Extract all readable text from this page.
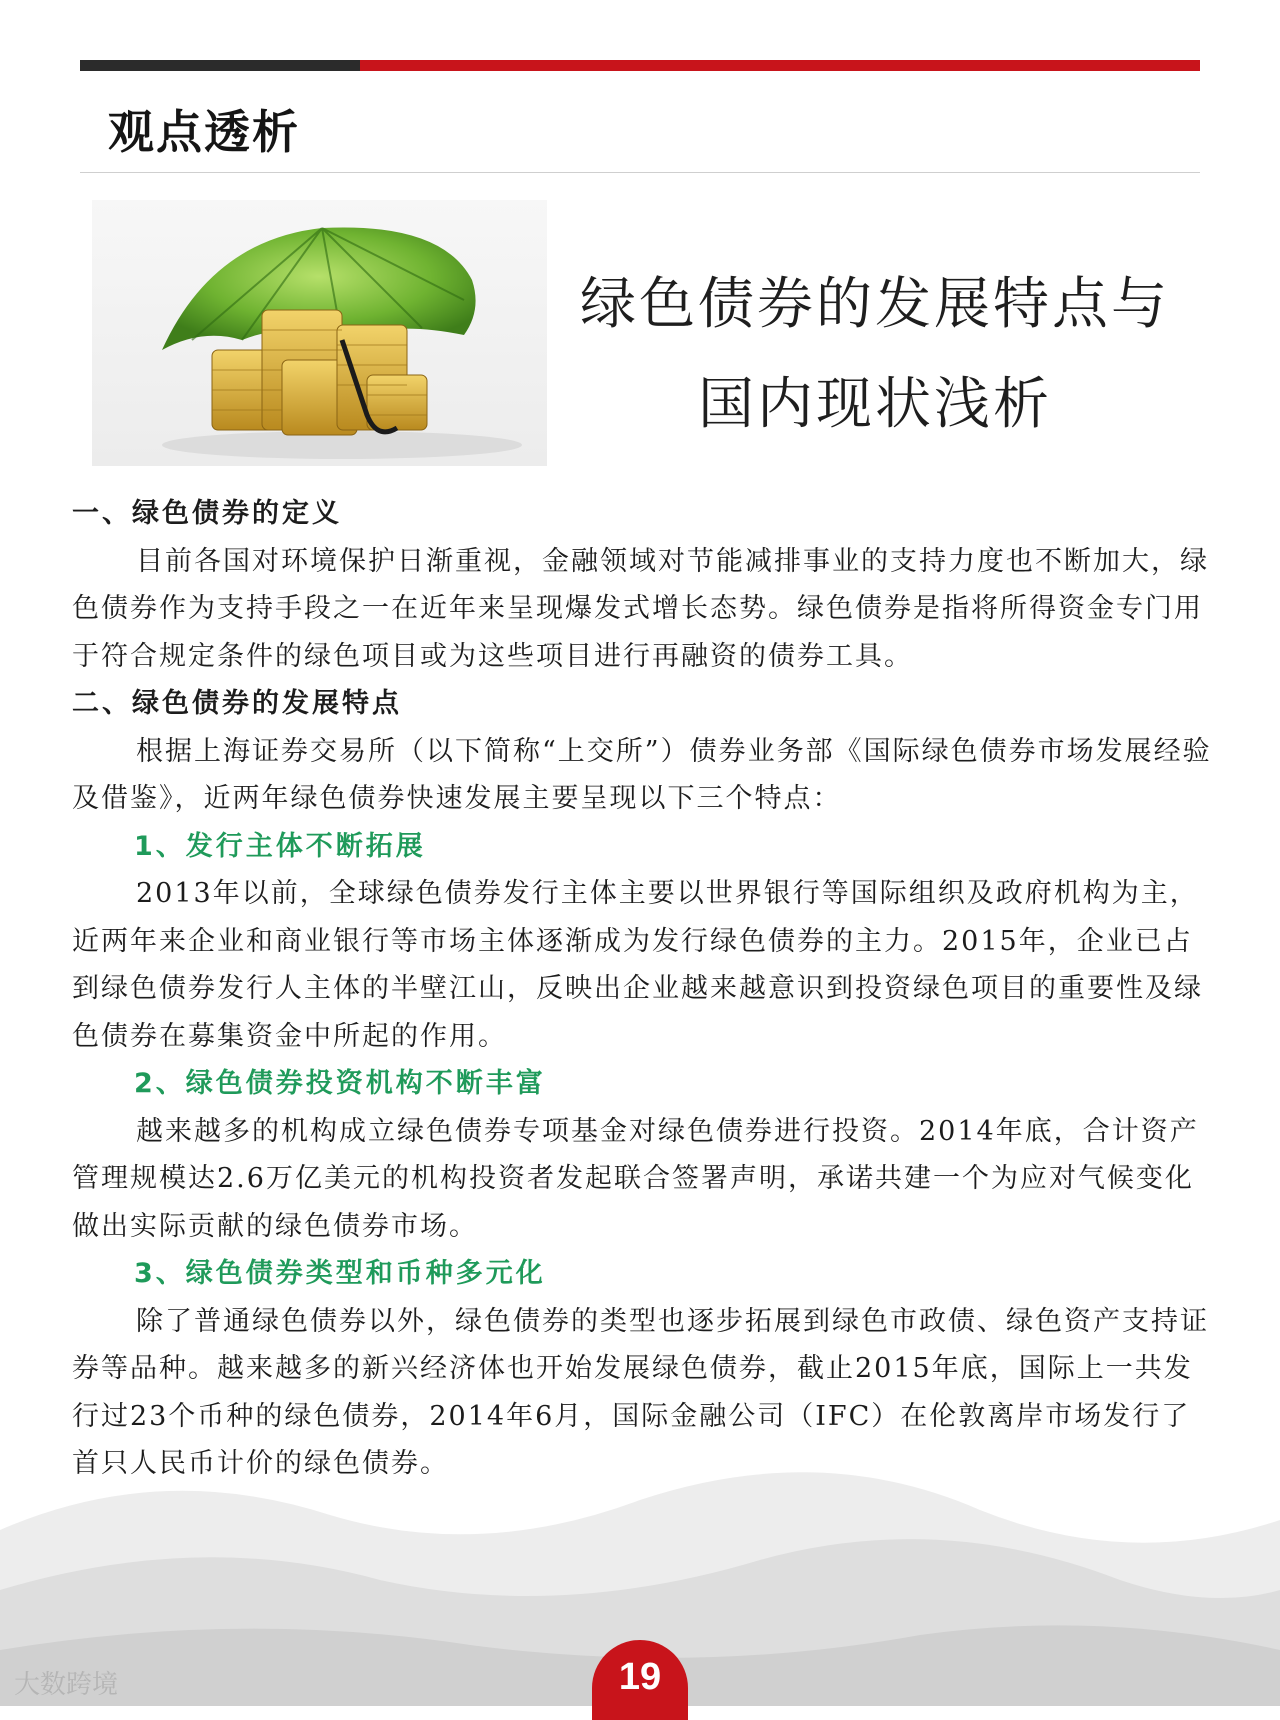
观点透析
绿色债券的发展特点与
国内现状浅析

一、绿色债券的定义

目前各国对环境保护日渐重视，金融领域对节能减排事业的支持力度也不断加大，绿色债券作为支持手段之一在近年来呈现爆发式增长态势。绿色债券是指将所得资金专门用于符合规定条件的绿色项目或为这些项目进行再融资的债券工具。

二、绿色债券的发展特点

根据上海证券交易所（以下简称“上交所”）债券业务部《国际绿色债券市场发展经验及借鉴》，近两年绿色债券快速发展主要呈现以下三个特点：

1、发行主体不断拓展

2013年以前，全球绿色债券发行主体主要以世界银行等国际组织及政府机构为主，近两年来企业和商业银行等市场主体逐渐成为发行绿色债券的主力。2015年，企业已占到绿色债券发行人主体的半壁江山，反映出企业越来越意识到投资绿色项目的重要性及绿色债券在募集资金中所起的作用。

2、绿色债券投资机构不断丰富

越来越多的机构成立绿色债券专项基金对绿色债券进行投资。2014年底，合计资产管理规模达2.6万亿美元的机构投资者发起联合签署声明，承诺共建一个为应对气候变化做出实际贡献的绿色债券市场。

3、绿色债券类型和币种多元化

除了普通绿色债券以外，绿色债券的类型也逐步拓展到绿色市政债、绿色资产支持证券等品种。越来越多的新兴经济体也开始发展绿色债券，截止2015年底，国际上一共发行过23个币种的绿色债券，2014年6月，国际金融公司（IFC）在伦敦离岸市场发行了首只人民币计价的绿色债券。

19
大数跨境
